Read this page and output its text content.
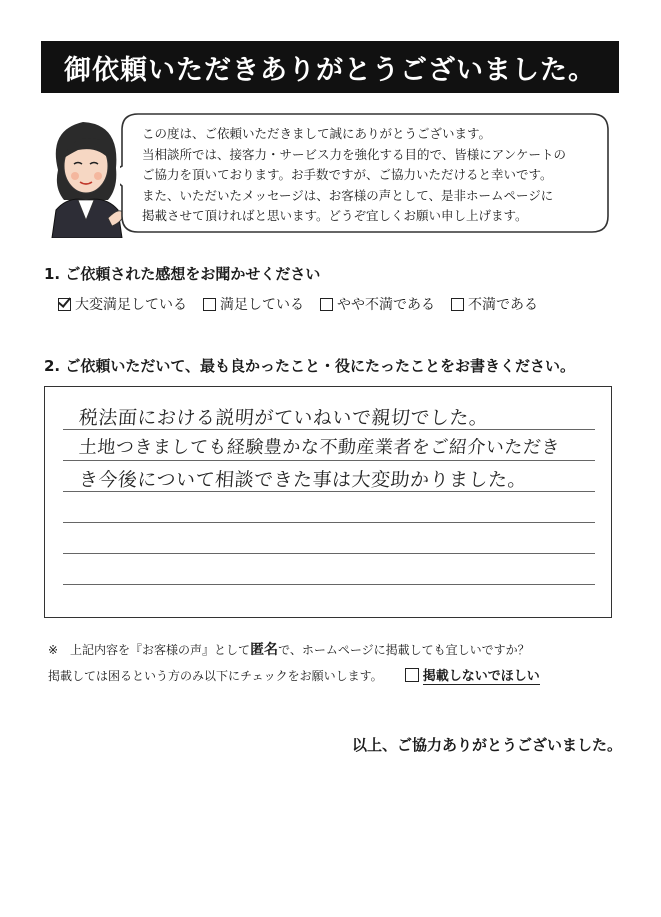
御依頼いただきありがとうございました。
この度は、ご依頼いただきまして誠にありがとうございます。
当相談所では、接客力・サービス力を強化する目的で、皆様にアンケートの
ご協力を頂いております。お手数ですが、ご協力いただけると幸いです。
また、いただいたメッセージは、お客様の声として、是非ホームページに
掲載させて頂ければと思います。どうぞ宜しくお願い申し上げます。
1. ご依頼された感想をお聞かせください
大変満足している 満足している やや不満である 不満である
2. ご依頼いただいて、最も良かったこと・役にたったことをお書きください。
税法面における説明がていねいで親切でした。
土地つきましても経験豊かな不動産業者をご紹介いただき
き今後について相談できた事は大変助かりました。
※　上記内容を『お客様の声』として匿名で、ホームページに掲載しても宜しいですか？
掲載しては困るという方のみ以下にチェックをお願いします。	掲載しないでほしい
以上、ご協力ありがとうございました。
